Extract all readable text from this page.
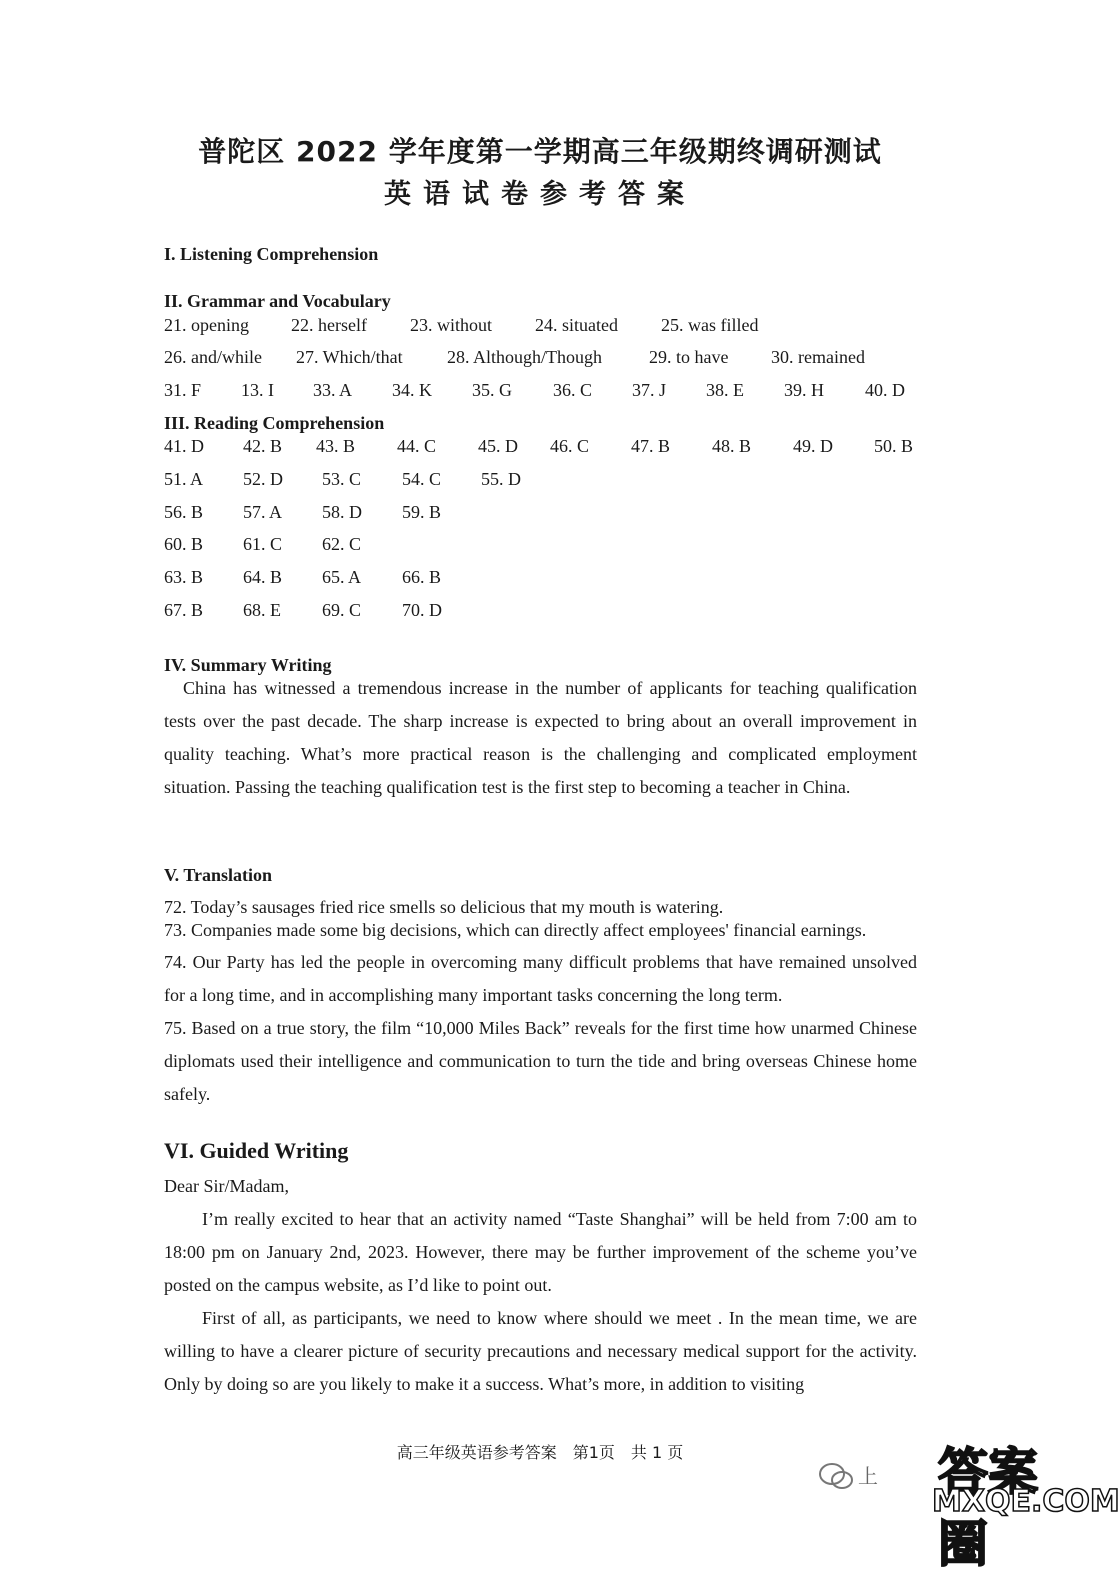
普陀区 2022 学年度第一学期高三年级期终调研测试
英语试卷参考答案
I. Listening Comprehension
II. Grammar and Vocabulary
21. opening 22. herself 23. without 24. situated 25. was filled
26. and/while 27. Which/that 28. Although/Though	29. to have 30. remained
31. F 13. I 33. A 34. K 35. G 36. C 37. J 38. E 39. H 40. D
III. Reading Comprehension
41. D 42. B 43. B 44. C 45. D 46. C 47. B 48. B 49. D 50. B
51. A 52. D 53. C 54. C 55. D
56. B 57. A 58. D 59. B
60. B 61. C 62. C
63. B 64. B 65. A 66. B
67. B 68. E 69. C 70. D
IV. Summary Writing
China has witnessed a tremendous increase in the number of applicants for teaching qualification tests over the past decade. The sharp increase is expected to bring about an overall improvement in quality teaching. What’s more practical reason is the challenging and complicated employment situation. Passing the teaching qualification test is the first step to becoming a teacher in China.
V. Translation
72. Today’s sausages fried rice smells so delicious that my mouth is watering.
73. Companies made some big decisions, which can directly affect employees' financial earnings.
74. Our Party has led the people in overcoming many difficult problems that have remained unsolved for a long time, and in accomplishing many important tasks concerning the long term.
75. Based on a true story, the film “10,000 Miles Back” reveals for the first time how unarmed Chinese diplomats used their intelligence and communication to turn the tide and bring overseas Chinese home safely.
VI. Guided Writing
Dear Sir/Madam,
I’m really excited to hear that an activity named “Taste Shanghai” will be held from 7:00 am to 18:00 pm on January 2nd, 2023. However, there may be further improvement of the scheme you’ve posted on the campus website, as I’d like to point out.
First of all, as participants, we need to know where should we meet . In the mean time, we are willing to have a clearer picture of security precautions and necessary medical support for the activity. Only by doing so are you likely to make it a success. What’s more, in addition to visiting
高三年级英语参考答案　第1页　共 1 页
上 答案圈
MXQE.COM
